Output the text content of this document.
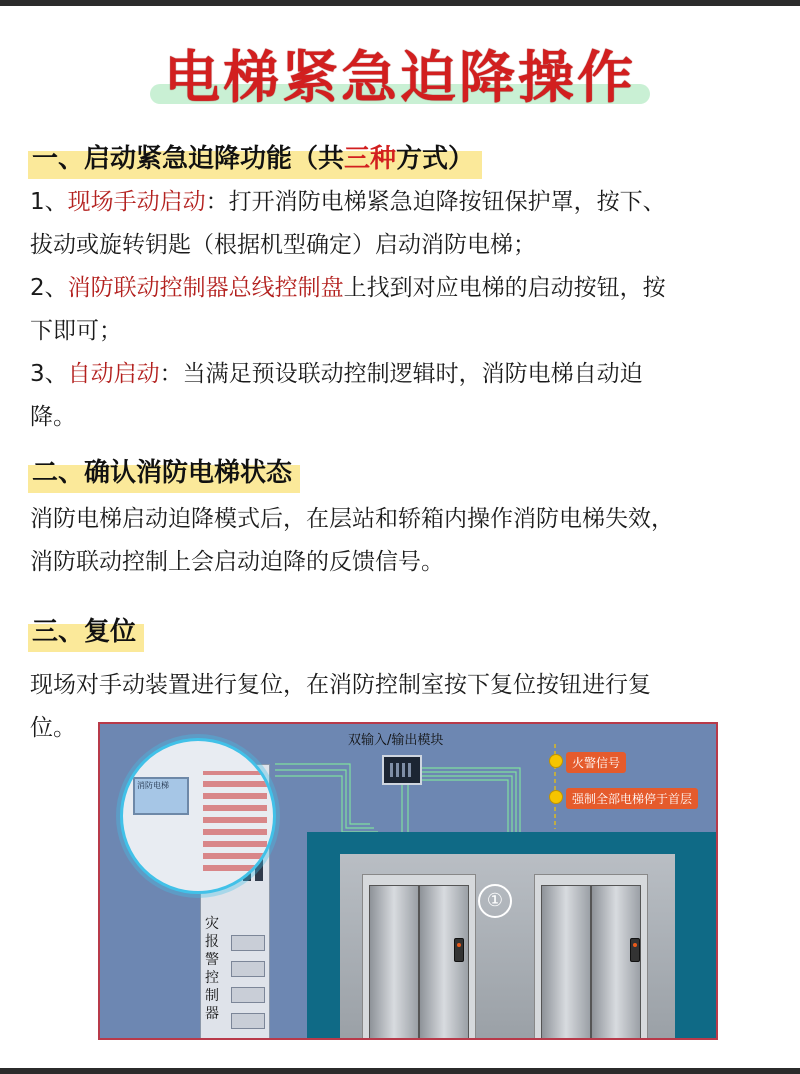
电梯紧急迫降操作
一、启动紧急迫降功能（共三种方式）
1、现场手动启动：打开消防电梯紧急迫降按钮保护罩，按下、
拔动或旋转钥匙（根据机型确定）启动消防电梯；
2、消防联动控制器总线控制盘上找到对应电梯的启动按钮，按
下即可；
3、自动启动：当满足预设联动控制逻辑时，消防电梯自动迫
降。
二、确认消防电梯状态
消防电梯启动迫降模式后，在层站和轿箱内操作消防电梯失效，
消防联动控制上会启动迫降的反馈信号。
三、复位
现场对手动装置进行复位，在消防控制室按下复位按钮进行复
位。	双输入/输出模块
火警信号
强制全部电梯停于首层
①
灾
报
警
控
制
器
消防电梯
